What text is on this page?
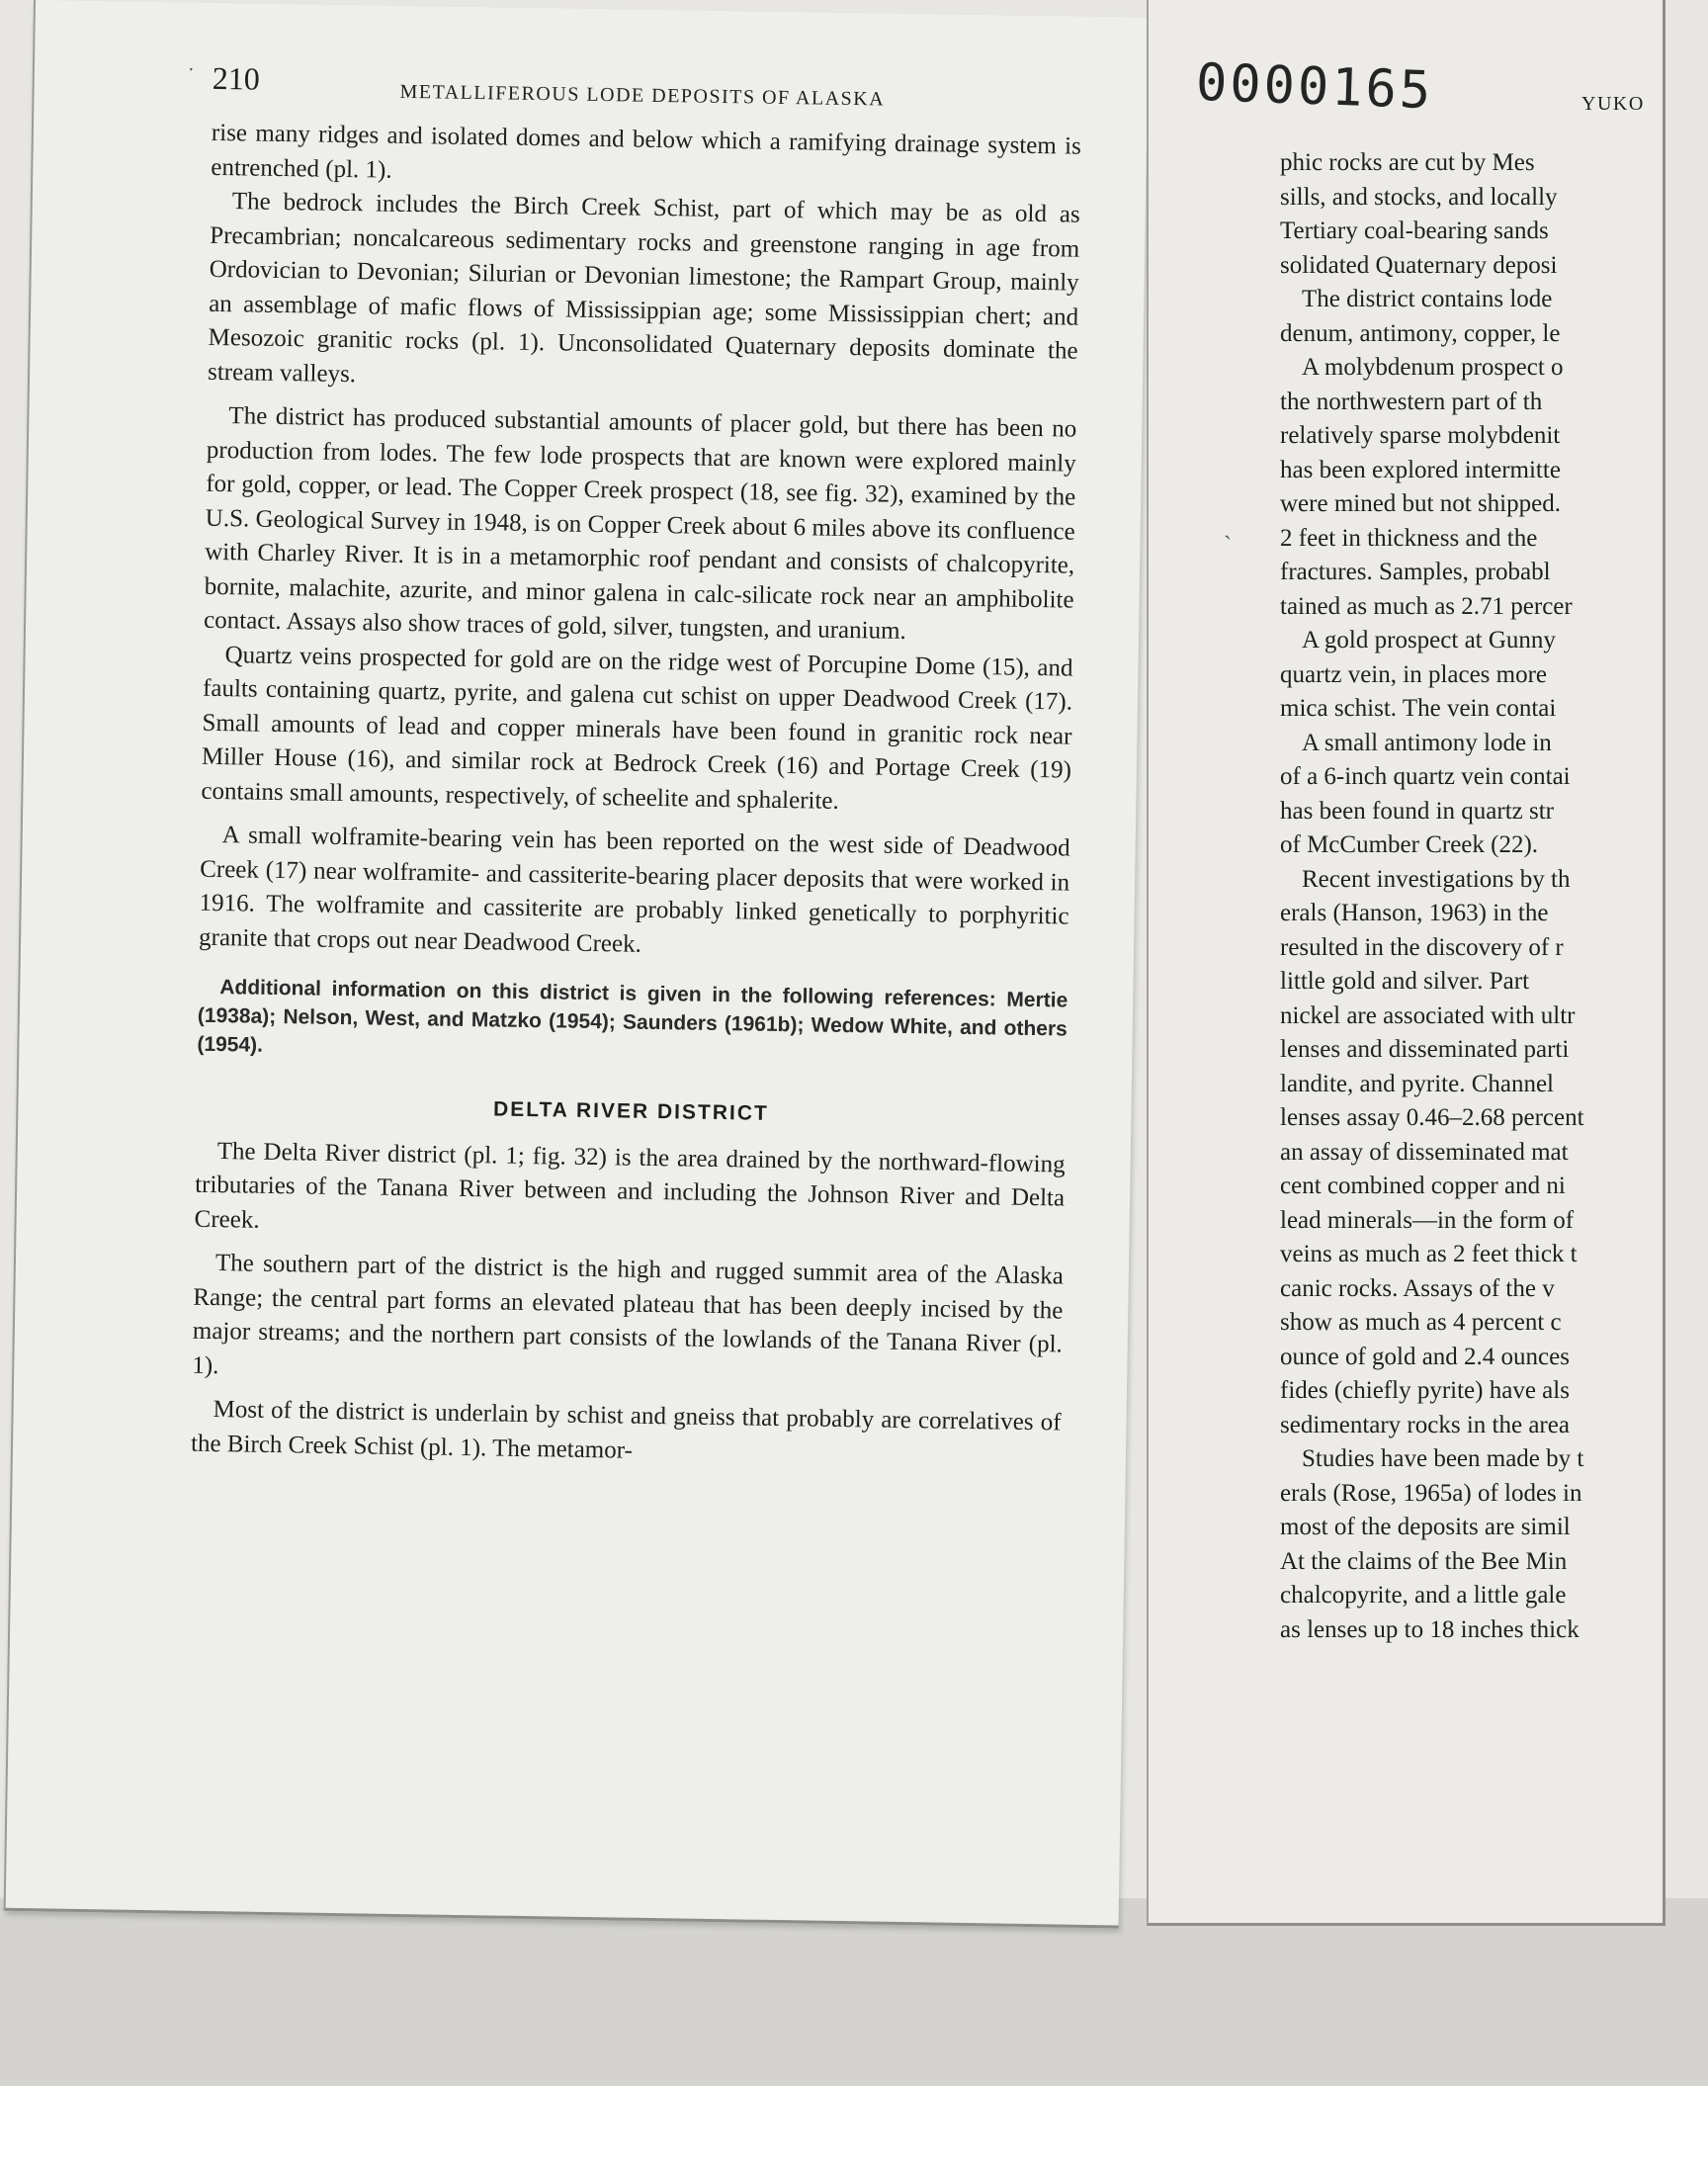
210	METALLIFEROUS LODE DEPOSITS OF ALASKA

rise many ridges and isolated domes and below which a ramifying drainage system is entrenched (pl. 1).

The bedrock includes the Birch Creek Schist, part of which may be as old as Precambrian; noncalcareous sedimentary rocks and greenstone ranging in age from Ordovician to Devonian; Silurian or Devonian limestone; the Rampart Group, mainly an assemblage of mafic flows of Mississippian age; some Mississippian chert; and Mesozoic granitic rocks (pl. 1). Unconsolidated Quaternary deposits dominate the stream valleys.

The district has produced substantial amounts of placer gold, but there has been no production from lodes. The few lode prospects that are known were explored mainly for gold, copper, or lead. The Copper Creek prospect (18, see fig. 32), examined by the U.S. Geological Survey in 1948, is on Copper Creek about 6 miles above its confluence with Charley River. It is in a metamorphic roof pendant and consists of chalcopyrite, bornite, malachite, azurite, and minor galena in calc-silicate rock near an amphibolite contact. Assays also show traces of gold, silver, tungsten, and uranium.

Quartz veins prospected for gold are on the ridge west of Porcupine Dome (15), and faults containing quartz, pyrite, and galena cut schist on upper Deadwood Creek (17). Small amounts of lead and copper minerals have been found in granitic rock near Miller House (16), and similar rock at Bedrock Creek (16) and Portage Creek (19) contains small amounts, respectively, of scheelite and sphalerite.

A small wolframite-bearing vein has been reported on the west side of Deadwood Creek (17) near wolframite- and cassiterite-bearing placer deposits that were worked in 1916. The wolframite and cassiterite are probably linked genetically to porphyritic granite that crops out near Deadwood Creek.

Additional information on this district is given in the following references: Mertie (1938a); Nelson, West, and Matzko (1954); Saunders (1961b); Wedow White, and others (1954).
DELTA RIVER DISTRICT

The Delta River district (pl. 1; fig. 32) is the area drained by the northward-flowing tributaries of the Tanana River between and including the Johnson River and Delta Creek.

The southern part of the district is the high and rugged summit area of the Alaska Range; the central part forms an elevated plateau that has been deeply incised by the major streams; and the northern part consists of the lowlands of the Tanana River (pl. 1).

Most of the district is underlain by schist and gneiss that probably are correlatives of the Birch Creek Schist (pl. 1). The metamor-

0000165	YUKO
phic rocks are cut by Mes
sills, and stocks, and locally
Tertiary coal-bearing sands
solidated Quaternary deposi
The district contains lode
denum, antimony, copper, le
A molybdenum prospect o
the northwestern part of th
relatively sparse molybdenit
has been explored intermitte
were mined but not shipped.
2 feet in thickness and the
fractures. Samples, probabl
tained as much as 2.71 percer
A gold prospect at Gunny
quartz vein, in places more
mica schist. The vein contai
A small antimony lode in
of a 6-inch quartz vein contai
has been found in quartz str
of McCumber Creek (22).
Recent investigations by th
erals (Hanson, 1963) in the
resulted in the discovery of r
little gold and silver. Part
nickel are associated with ultr
lenses and disseminated parti
landite, and pyrite. Channel
lenses assay 0.46–2.68 percent
an assay of disseminated mat
cent combined copper and ni
lead minerals—in the form of
veins as much as 2 feet thick t
canic rocks. Assays of the v
show as much as 4 percent c
ounce of gold and 2.4 ounces
fides (chiefly pyrite) have als
sedimentary rocks in the area
Studies have been made by t
erals (Rose, 1965a) of lodes in
most of the deposits are simil
At the claims of the Bee Min
chalcopyrite, and a little gale
as lenses up to 18 inches thick
ˑ
ˏ
